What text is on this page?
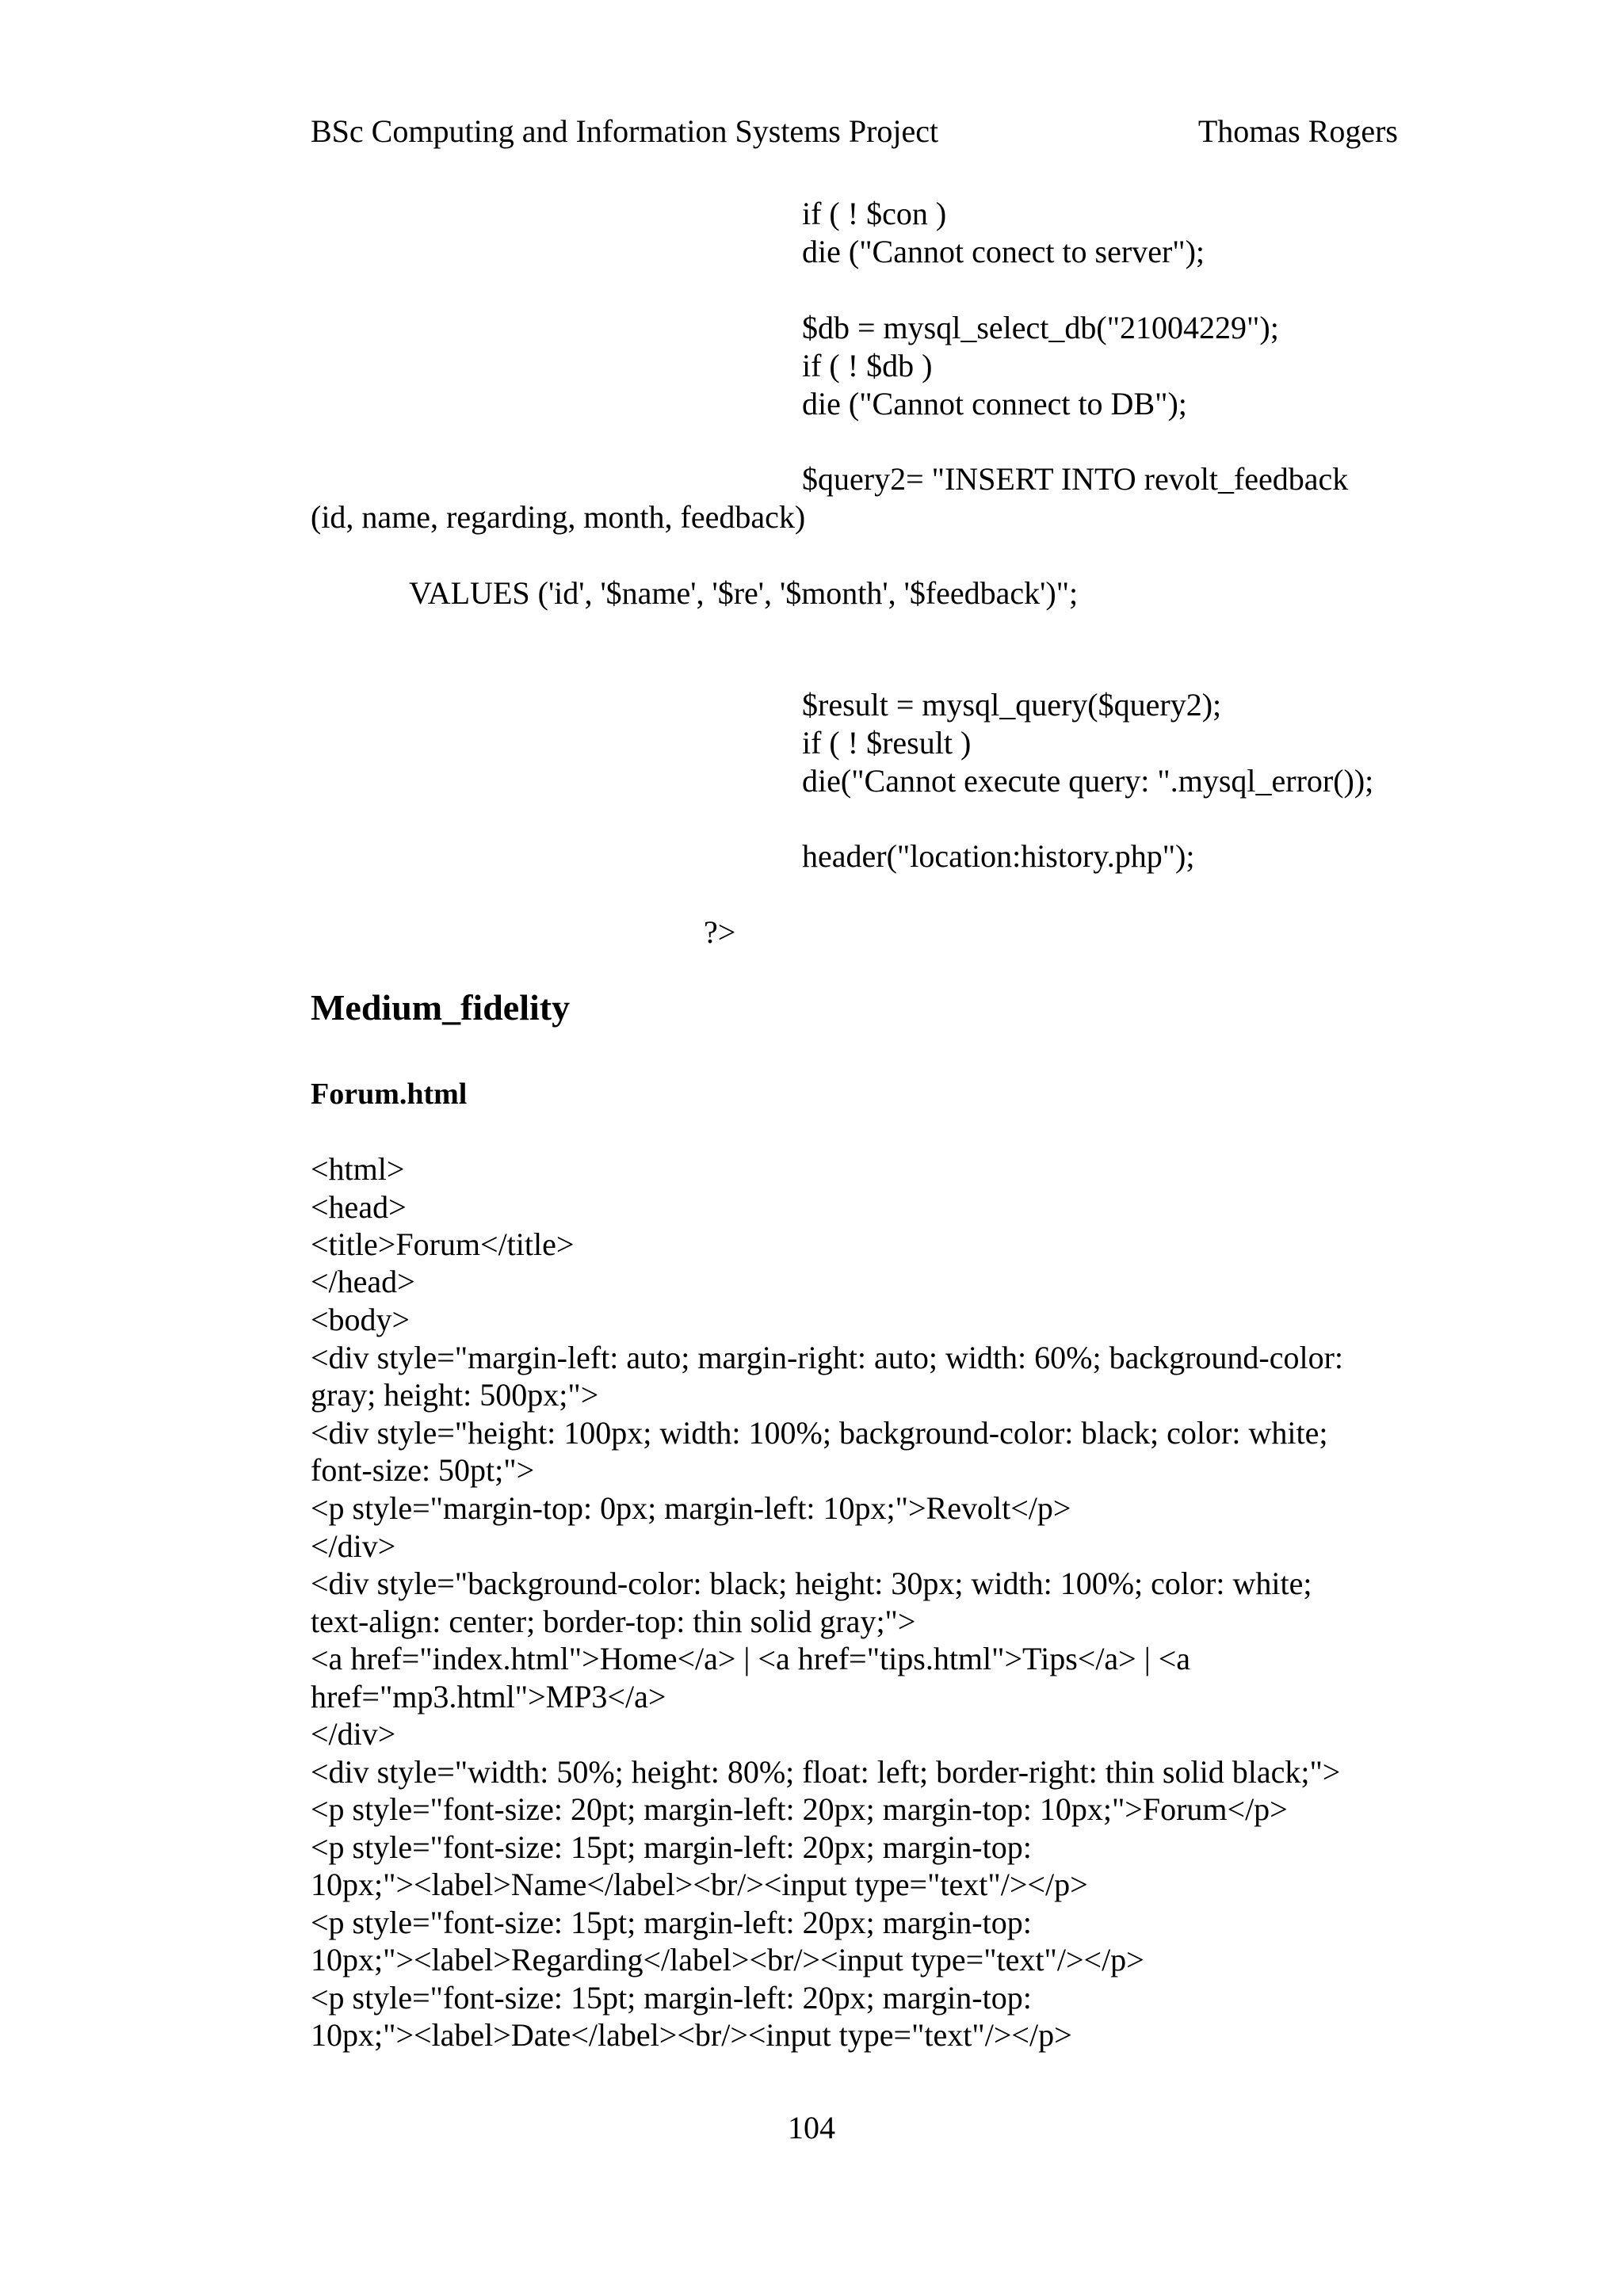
BSc Computing and Information Systems Project	Thomas Rogers
if ( ! $con )
die ("Cannot conect to server");
$db = mysql_select_db("21004229");
if ( ! $db )
die ("Cannot connect to DB");
$query2= "INSERT INTO revolt_feedback
(id, name, regarding, month, feedback)
VALUES ('id', '$name', '$re', '$month', '$feedback')";
$result = mysql_query($query2);
if ( ! $result )
die("Cannot execute query: ".mysql_error());
header("location:history.php");
?>
Medium_fidelity
Forum.html
<html>
<head>
<title>Forum</title>
</head>
<body>
<div style="margin-left: auto; margin-right: auto; width: 60%; background-color:
gray; height: 500px;">
<div style="height: 100px; width: 100%; background-color: black; color: white;
font-size: 50pt;">
<p style="margin-top: 0px; margin-left: 10px;">Revolt</p>
</div>
<div style="background-color: black; height: 30px; width: 100%; color: white;
text-align: center; border-top: thin solid gray;">
<a href="index.html">Home</a> | <a href="tips.html">Tips</a> | <a
href="mp3.html">MP3</a>
</div>
<div style="width: 50%; height: 80%; float: left; border-right: thin solid black;">
<p style="font-size: 20pt; margin-left: 20px; margin-top: 10px;">Forum</p>
<p style="font-size: 15pt; margin-left: 20px; margin-top:
10px;"><label>Name</label><br/><input type="text"/></p>
<p style="font-size: 15pt; margin-left: 20px; margin-top:
10px;"><label>Regarding</label><br/><input type="text"/></p>
<p style="font-size: 15pt; margin-left: 20px; margin-top:
10px;"><label>Date</label><br/><input type="text"/></p>
104
